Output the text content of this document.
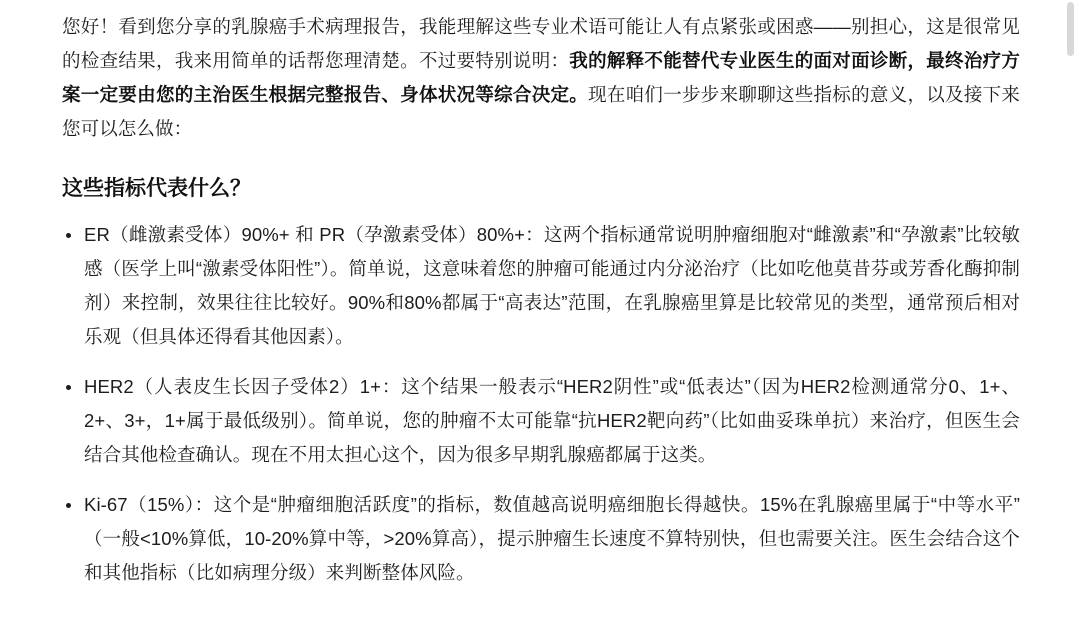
您好！看到您分享的乳腺癌手术病理报告，我能理解这些专业术语可能让人有点紧张或困惑——别担心，这是很常见的检查结果，我来用简单的话帮您理清楚。不过要特别说明：我的解释不能替代专业医生的面对面诊断，最终治疗方案一定要由您的主治医生根据完整报告、身体状况等综合决定。现在咱们一步步来聊聊这些指标的意义，以及接下来您可以怎么做：

这些指标代表什么？
ER（雌激素受体）90%+ 和 PR（孕激素受体）80%+：这两个指标通常说明肿瘤细胞对“雌激素”和“孕激素”比较敏感（医学上叫“激素受体阳性”）。简单说，这意味着您的肿瘤可能通过内分泌治疗（比如吃他莫昔芬或芳香化酶抑制剂）来控制，效果往往比较好。90%和80%都属于“高表达”范围，在乳腺癌里算是比较常见的类型，通常预后相对乐观（但具体还得看其他因素）。
HER2（人表皮生长因子受体2）1+：这个结果一般表示“HER2阴性”或“低表达”（因为HER2检测通常分0、1+、2+、3+，1+属于最低级别）。简单说，您的肿瘤不太可能靠“抗HER2靶向药”（比如曲妥珠单抗）来治疗，但医生会结合其他检查确认。现在不用太担心这个，因为很多早期乳腺癌都属于这类。
Ki-67（15%）：这个是“肿瘤细胞活跃度”的指标，数值越高说明癌细胞长得越快。15%在乳腺癌里属于“中等水平”（一般<10%算低，10-20%算中等，>20%算高），提示肿瘤生长速度不算特别快，但也需要关注。医生会结合这个和其他指标（比如病理分级）来判断整体风险。
